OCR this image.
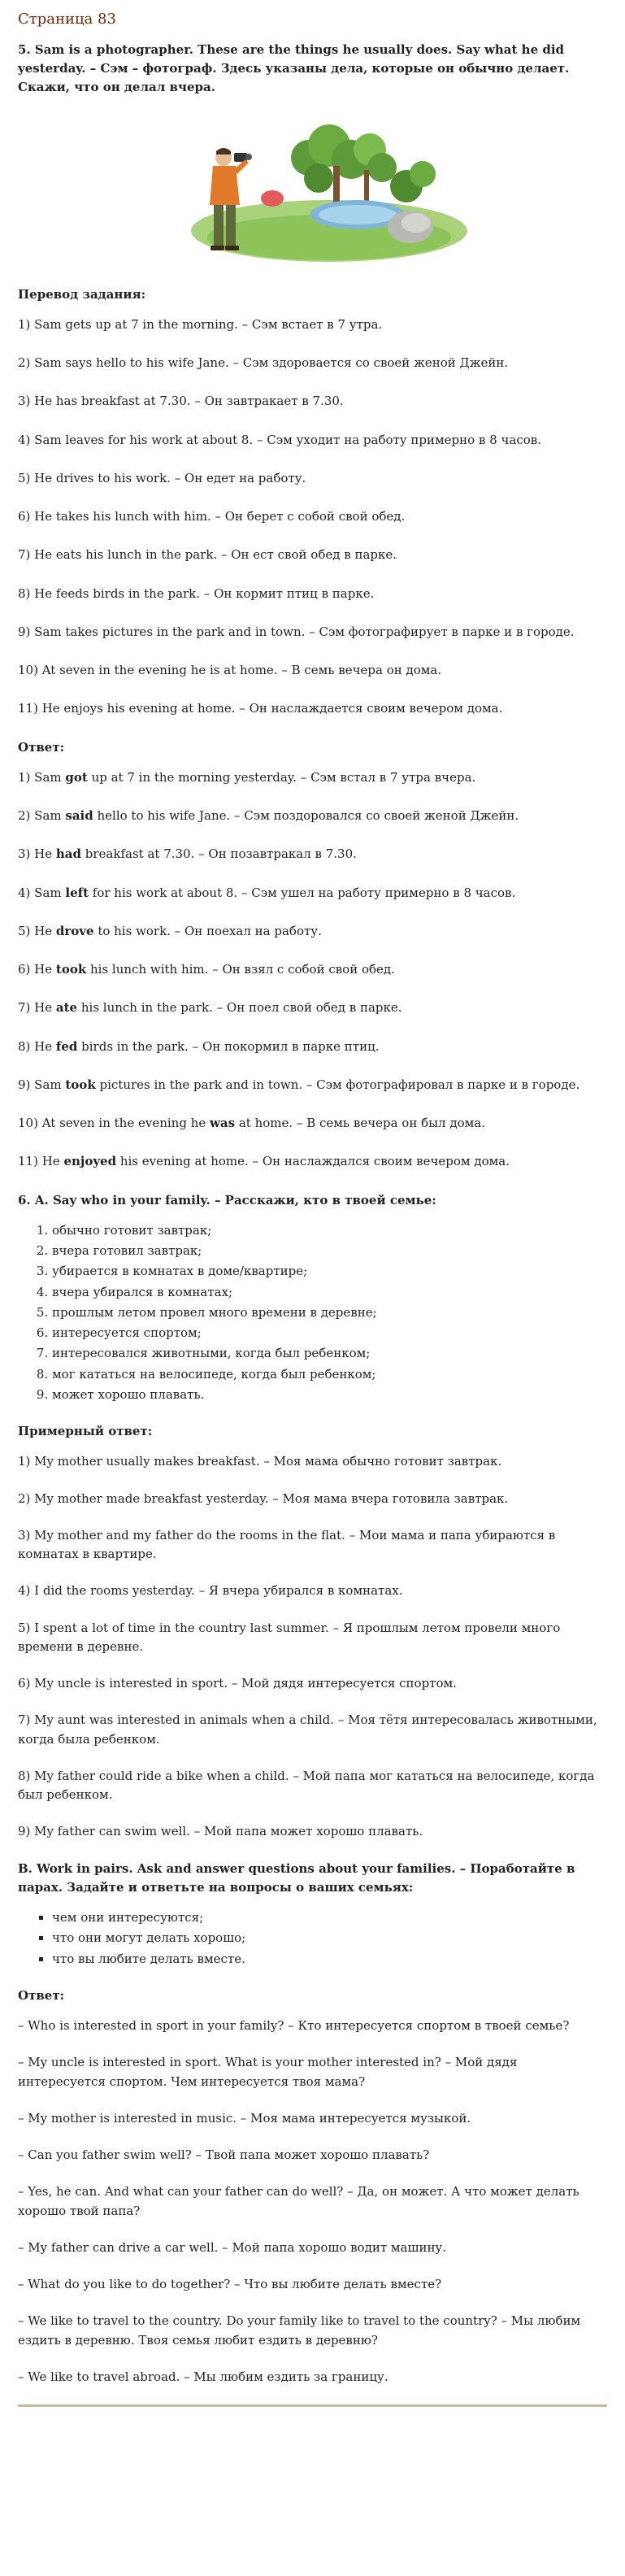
Страница 83
5. Sam is a photographer. These are the things he usually does. Say what he did yesterday. – Сэм – фотограф. Здесь указаны дела, которые он обычно делает. Скажи, что он делал вчера.
Перевод задания:

1) Sam gets up at 7 in the morning. – Сэм встает в 7 утра.

2) Sam says hello to his wife Jane. – Сэм здоровается со своей женой Джейн.

3) He has breakfast at 7.30. – Он завтракает в 7.30.

4) Sam leaves for his work at about 8. – Сэм уходит на работу примерно в 8 часов.

5) He drives to his work. – Он едет на работу.

6) He takes his lunch with him. – Он берет с собой свой обед.

7) He eats his lunch in the park. – Он ест свой обед в парке.

8) He feeds birds in the park. – Он кормит птиц в парке.

9) Sam takes pictures in the park and in town. – Сэм фотографирует в парке и в городе.

10) At seven in the evening he is at home. – В семь вечера он дома.

11) He enjoys his evening at home. – Он наслаждается своим вечером дома.

Ответ:

1) Sam got up at 7 in the morning yesterday. – Сэм встал в 7 утра вчера.

2) Sam said hello to his wife Jane. – Сэм поздоровался со своей женой Джейн.

3) He had breakfast at 7.30. – Он позавтракал в 7.30.

4) Sam left for his work at about 8. – Сэм ушел на работу примерно в 8 часов.

5) He drove to his work. – Он поехал на работу.

6) He took his lunch with him. – Он взял с собой свой обед.

7) He ate his lunch in the park. – Он поел свой обед в парке.

8) He fed birds in the park. – Он покормил в парке птиц.

9) Sam took pictures in the park and in town. – Сэм фотографировал в парке и в городе.

10) At seven in the evening he was at home. – В семь вечера он был дома.

11) He enjoyed his evening at home. – Он наслаждался своим вечером дома.

6. A. Say who in your family. – Расскажи, кто в твоей семье:
1. обычно готовит завтрак;
2. вчера готовил завтрак;
3. убирается в комнатах в доме/квартире;
4. вчера убирался в комнатах;
5. прошлым летом провел много времени в деревне;
6. интересуется спортом;
7. интересовался животными, когда был ребенком;
8. мог кататься на велосипеде, когда был ребенком;
9. может хорошо плавать.
Примерный ответ:

1) My mother usually makes breakfast. – Моя мама обычно готовит завтрак.

2) My mother made breakfast yesterday. – Моя мама вчера готовила завтрак.

3) My mother and my father do the rooms in the flat. – Мои мама и папа убираются в комнатах в квартире.

4) I did the rooms yesterday. – Я вчера убирался в комнатах.

5) I spent a lot of time in the country last summer. – Я прошлым летом провели много времени в деревне.

6) My uncle is interested in sport. – Мой дядя интересуется спортом.

7) My aunt was interested in animals when a child. – Моя тётя интересовалась животными, когда была ребенком.

8) My father could ride a bike when a child. – Мой папа мог кататься на велосипеде, когда был ребенком.

9) My father can swim well. – Мой папа может хорошо плавать.

B. Work in pairs. Ask and answer questions about your families. – Поработайте в парах. Задайте и ответьте на вопросы о ваших семьях:
▪ чем они интересуются;
▪ что они могут делать хорошо;
▪ что вы любите делать вместе.
Ответ:

– Who is interested in sport in your family? – Кто интересуется спортом в твоей семье?

– My uncle is interested in sport. What is your mother interested in? – Мой дядя интересуется спортом. Чем интересуется твоя мама?

– My mother is interested in music. – Моя мама интересуется музыкой.

– Can you father swim well? – Твой папа может хорошо плавать?

– Yes, he can. And what can your father can do well? – Да, он может. А что может делать хорошо твой папа?

– My father can drive a car well. – Мой папа хорошо водит машину.

– What do you like to do together? – Что вы любите делать вместе?

– We like to travel to the country. Do your family like to travel to the country? – Мы любим ездить в деревню. Твоя семья любит ездить в деревню?

– We like to travel abroad. – Мы любим ездить за границу.
